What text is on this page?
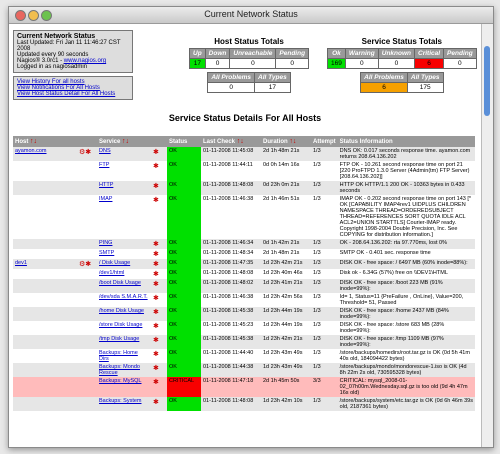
Current Network Status
Current Network Status
Last Updated: Fri Jan 11 11:46:27 CST 2008
Updated every 90 seconds
Nagios® 3.0rc1 - www.nagios.org
Logged in as nagiosadmin
View History For all hosts
View Notifications For All Hosts
View Host Status Detail For All Hosts
Host Status Totals
Up	Down	Unreachable	Pending
17	0	0	0
All Problems	All Types
0	17
Service Status Totals
Ok	Warning	Unknown	Critical	Pending
169	0	0	6	0
All Problems	All Types
6	175
Service Status Details For All Hosts
Host ↑↓		Service ↑↓		Status	Last Check ↑↓	Duration ↑↓	Attempt	Status Information
ayamon.com	⚙✱	DNS	✱	OK	01-11-2008 11:45:08	2d 1h 48m 21s	1/3	DNS OK: 0.017 seconds response time. ayamon.com returns 208.64.136.202
		FTP	✱	OK	01-11-2008 11:44:11	0d 0h 14m 16s	1/3	FTP OK - 10.261 second response time on port 21 [220 ProFTPD 1.3.0 Server (4Admin(tm) FTP Server) [208.64.136.202]]
		HTTP	✱	OK	01-11-2008 11:48:08	0d 23h 0m 21s	1/3	HTTP OK HTTP/1.1 200 OK - 10363 bytes in 0.433 seconds
		IMAP	✱	OK	01-11-2008 11:46:38	2d 1h 46m 51s	1/3	IMAP OK - 0.202 second response time on port 143 [* OK [CAPABILITY IMAP4rev1 UIDPLUS CHILDREN NAMESPACE THREAD=ORDEREDSUBJECT THREAD=REFERENCES SORT QUOTA IDLE ACL ACL2=UNION STARTTLS] Courier-IMAP ready. Copyright 1998-2004 Double Precision, Inc. See COPYING for distribution information.]
		PING	✱	OK	01-11-2008 11:46:34	0d 1h 42m 21s	1/3	OK - 208.64.136.202: rta 97.770ms, lost 0%
		SMTP	✱	OK	01-11-2008 11:48:34	2d 1h 48m 21s	1/3	SMTP OK - 0.401 sec. response time
dev1	⚙✱	/ Disk Usage	✱	OK	01-11-2008 11:47:35	1d 23h 42m 21s	1/3	DISK OK - free space: / 6497 MB (60% inode=88%):
		/dev1/html	✱	OK	01-11-2008 11:48:08	1d 23h 40m 46s	1/3	Disk ok - 6.34G (57%) free on \\DEV1\HTML
		/boot Disk Usage	✱	OK	01-11-2008 11:48:02	1d 23h 41m 21s	1/3	DISK OK - free space: /boot 223 MB (91% inode=99%):
		/dev/sda S.M.A.R.T.	✱	OK	01-11-2008 11:46:38	1d 23h 42m 56s	1/3	Id= 1, Status=11 {PreFailure , OnLine}, Value=200, Threshold= 51, Passed
		/home Disk Usage	✱	OK	01-11-2008 11:45:38	1d 23h 44m 19s	1/3	DISK OK - free space: /home 2437 MB (84% inode=99%):
		/store Disk Usage	✱	OK	01-11-2008 11:45:23	1d 23h 44m 19s	1/3	DISK OK - free space: /store 683 MB (28% inode=99%):
		/tmp Disk Usage	✱	OK	01-11-2008 11:45:38	1d 23h 42m 21s	1/3	DISK OK - free space: /tmp 1109 MB (97% inode=99%):
		Backups: Home Dirs	✱	OK	01-11-2008 11:44:40	1d 23h 43m 49s	1/3	/store/backups/homedirs/root.tar.gz is OK (0d 5h 41m 40s old, 184094422 bytes)
		Backups: Mondo Rescue	✱	OK	01-11-2008 11:44:38	1d 23h 43m 49s	1/3	/store/backups/mondo/mondorescue-1.iso is OK (4d 8h 22m 2s old, 730595328 bytes)
		Backups: MySQL	✱	CRITICAL	01-11-2008 11:47:18	2d 1h 45m 50s	3/3	CRITICAL: mysql_2008-01-02_07h00m.Wednesday.sql.gz is too old (9d 4h 47m 16s old)
		Backups: System	✱	OK	01-11-2008 11:48:08	1d 23h 42m 10s	1/3	/store/backups/system/etc.tar.gz is OK (0d 6h 46m 39s old, 2187361 bytes)
